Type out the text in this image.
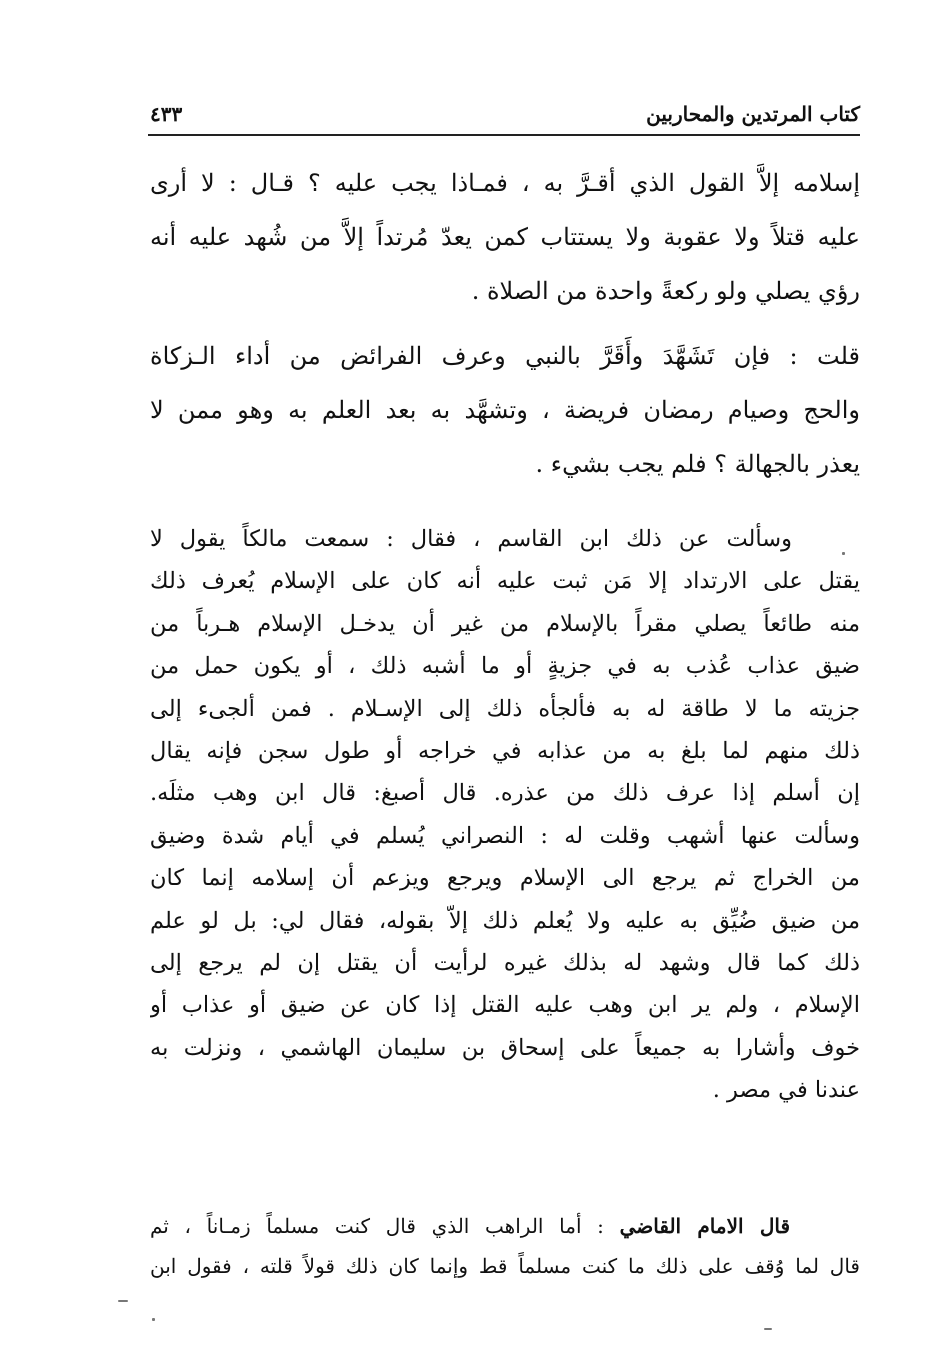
كتاب المرتدين والمحاربين
٤٣٣
إسلامه إلاَّ القول الذي أقـرَّ به ، فمـاذا يجب عليه ؟ قـال : لا أرى
عليه قتلاً ولا عقوبة ولا يستتاب كمن يعدّ مُرتداً إلاَّ من شُهد عليه أنه
رؤي يصلي ولو ركعةً واحدة من الصلاة .
قلت : فإن تَشَهَّدَ وأَقَرَّ بالنبي وعرف الفرائض من أداء الـزكاة
والحج وصيام رمضان فريضة ، وتشهَّد به بعد العلم به وهو ممن لا
يعذر بالجهالة ؟ فلم يجب بشيء .
وسألت عن ذلك ابن القاسم ، فقال : سمعت مالكاً يقول لا
يقتل على الارتداد إلا مَن ثبت عليه أنه كان على الإسلام يُعرف ذلك
منه طائعاً يصلي مقراً بالإسلام من غير أن يدخـل الإسلام هـرباً من
ضيق عذاب عُذب به في جزيةٍ أو ما أشبه ذلك ، أو يكون حمل من
جزيته ما لا طاقة له به فألجأه ذلك إلى الإسـلام . فمن ألجىء إلى
ذلك منهم لما بلغ به من عذابه في خراجه أو طول سجن فإنه يقال
إن أسلم إذا عرف ذلك من عذره. قال أصبغ: قال ابن وهب مثلَه.
وسألت عنها أشهب وقلت له : النصراني يُسلم في أيام شدة وضيق
من الخراج ثم يرجع الى الإسلام ويرجع ويزعم أن إسلامه إنما كان
من ضيق ضُيِّق به عليه ولا يُعلم ذلك إلاّ بقوله، فقال لي: بل لو علم
ذلك كما قال وشهد له بذلك غيره لرأيت أن يقتل إن لم يرجع إلى
الإسلام ، ولم ير ابن وهب عليه القتل إذا كان عن ضيق أو عذاب أو
خوف وأشارا به جميعاً على إسحاق بن سليمان الهاشمي ، ونزلت به
عندنا في مصر .
قال الامام القاضي : أما الراهب الذي قال كنت مسلماً زمـاناً ، ثم
قال لما وُقف على ذلك ما كنت مسلماً قط وإنما كان ذلك قولاً قلته ، فقول ابن
